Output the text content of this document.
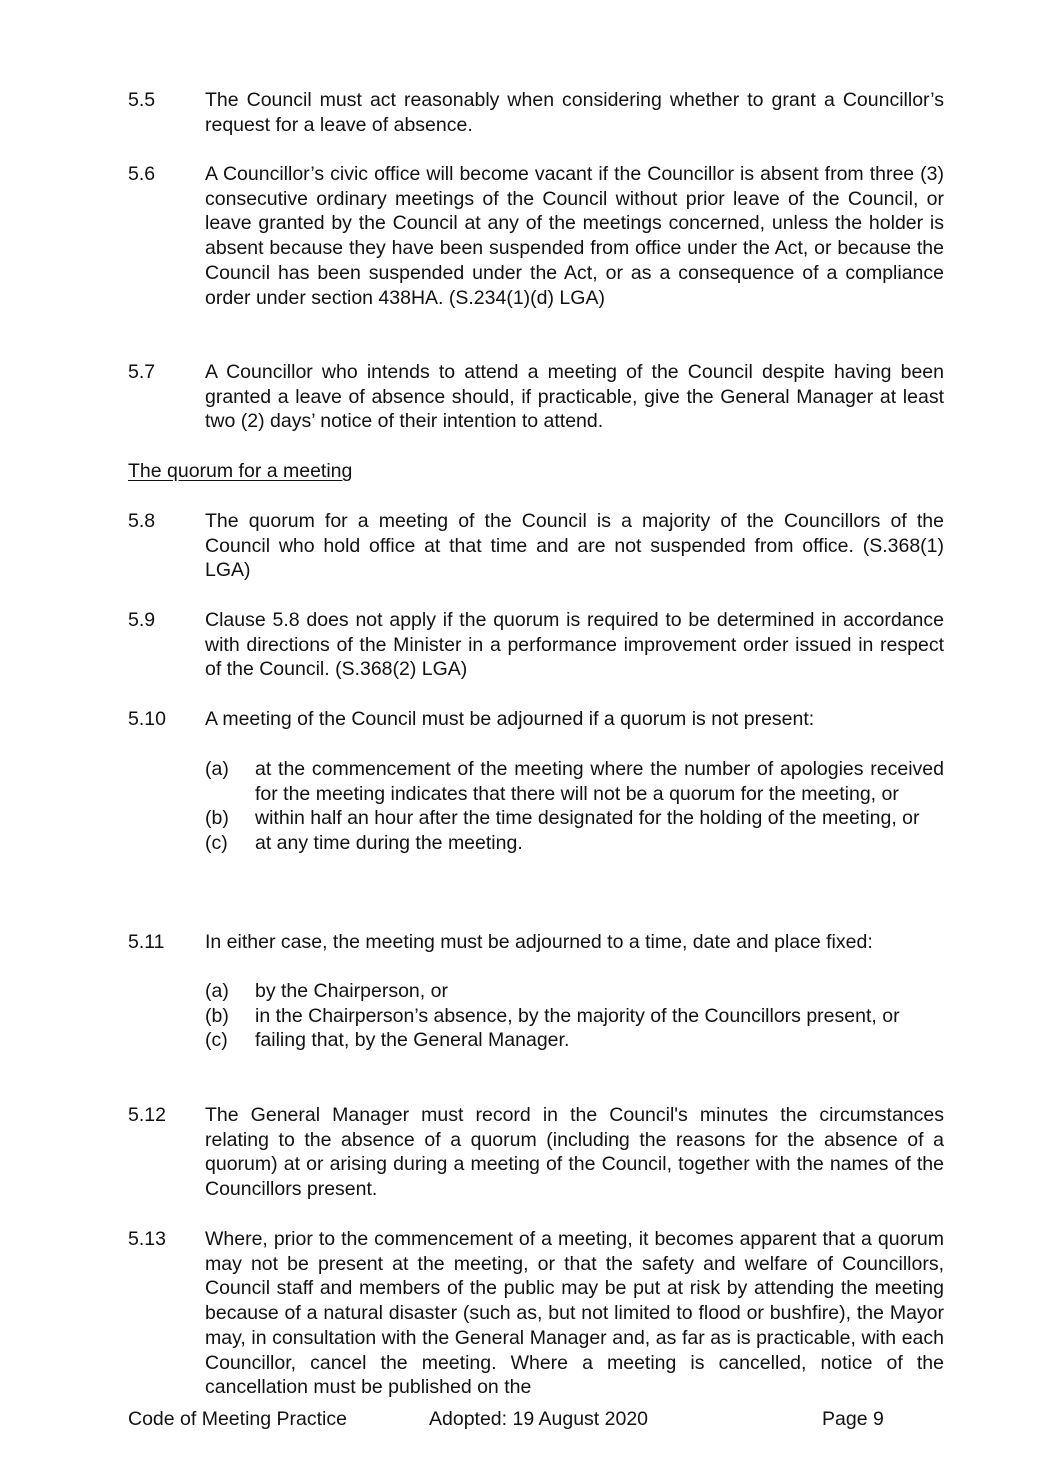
5.5	The Council must act reasonably when considering whether to grant a Councillor’s request for a leave of absence.
5.6	A Councillor’s civic office will become vacant if the Councillor is absent from three (3) consecutive ordinary meetings of the Council without prior leave of the Council, or leave granted by the Council at any of the meetings concerned, unless the holder is absent because they have been suspended from office under the Act, or because the Council has been suspended under the Act, or as a consequence of a compliance order under section 438HA. (S.234(1)(d) LGA)
5.7	A Councillor who intends to attend a meeting of the Council despite having been granted a leave of absence should, if practicable, give the General Manager at least two (2) days’ notice of their intention to attend.
The quorum for a meeting
5.8	The quorum for a meeting of the Council is a majority of the Councillors of the Council who hold office at that time and are not suspended from office. (S.368(1) LGA)
5.9	Clause 5.8 does not apply if the quorum is required to be determined in accordance with directions of the Minister in a performance improvement order issued in respect of the Council. (S.368(2) LGA)
5.10 A meeting of the Council must be adjourned if a quorum is not present:
(a) at the commencement of the meeting where the number of apologies received for the meeting indicates that there will not be a quorum for the meeting, or
(b) within half an hour after the time designated for the holding of the meeting, or
(c) at any time during the meeting.
5.11 In either case, the meeting must be adjourned to a time, date and place fixed:
(a) by the Chairperson, or
(b) in the Chairperson’s absence, by the majority of the Councillors present, or
(c) failing that, by the General Manager.
5.12 The General Manager must record in the Council's minutes the circumstances relating to the absence of a quorum (including the reasons for the absence of a quorum) at or arising during a meeting of the Council, together with the names of the Councillors present.
5.13 Where, prior to the commencement of a meeting, it becomes apparent that a quorum may not be present at the meeting, or that the safety and welfare of Councillors, Council staff and members of the public may be put at risk by attending the meeting because of a natural disaster (such as, but not limited to flood or bushfire), the Mayor may, in consultation with the General Manager and, as far as is practicable, with each Councillor, cancel the meeting. Where a meeting is cancelled, notice of the cancellation must be published on the
Code of Meeting Practice	Adopted: 19 August 2020	Page 9
